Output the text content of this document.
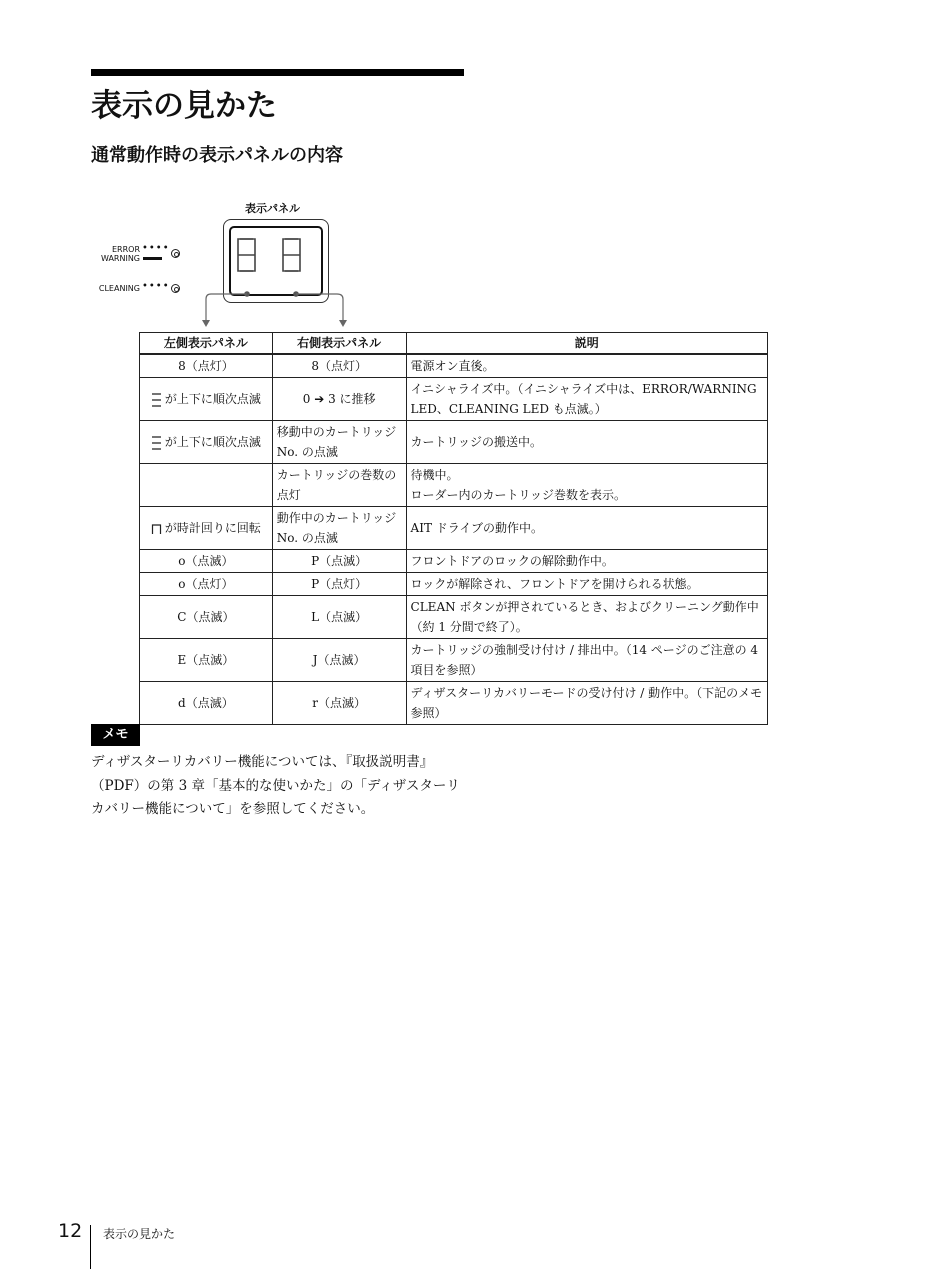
表示の見かた
通常動作時の表示パネルの内容
表示パネル
ERROR
WARNING
••••
CLEANING ••••
左側表示パネル	右側表示パネル	説明
8（点灯）	8（点灯）	電源オン直後。
が上下に順次点滅	0 ➔ 3 に推移	イニシャライズ中。（イニシャライズ中は、ERROR/WARNING LED、CLEANING LED も点滅。）
が上下に順次点滅	移動中のカートリッジ No. の点滅	カートリッジの搬送中。
	カートリッジの巻数の点灯	待機中。
ローダー内のカートリッジ巻数を表示。
が時計回りに回転	動作中のカートリッジ No. の点滅	AIT ドライブの動作中。
o（点滅）	P（点滅）	フロントドアのロックの解除動作中。
o（点灯）	P（点灯）	ロックが解除され、フロントドアを開けられる状態。
C（点滅）	L（点滅）	CLEAN ボタンが押されているとき、およびクリーニング動作中（約 1 分間で終了）。
E（点滅）	J（点滅）	カートリッジの強制受け付け / 排出中。（14 ページのご注意の 4 項目を参照）
d（点滅）	r（点滅）	ディザスターリカバリーモードの受け付け / 動作中。（下記のメモ参照）
メモ
ディザスターリカバリー機能については、『取扱説明書』（PDF）の第 3 章「基本的な使いかた」の「ディザスターリカバリー機能について」を参照してください。
12 表示の見かた
